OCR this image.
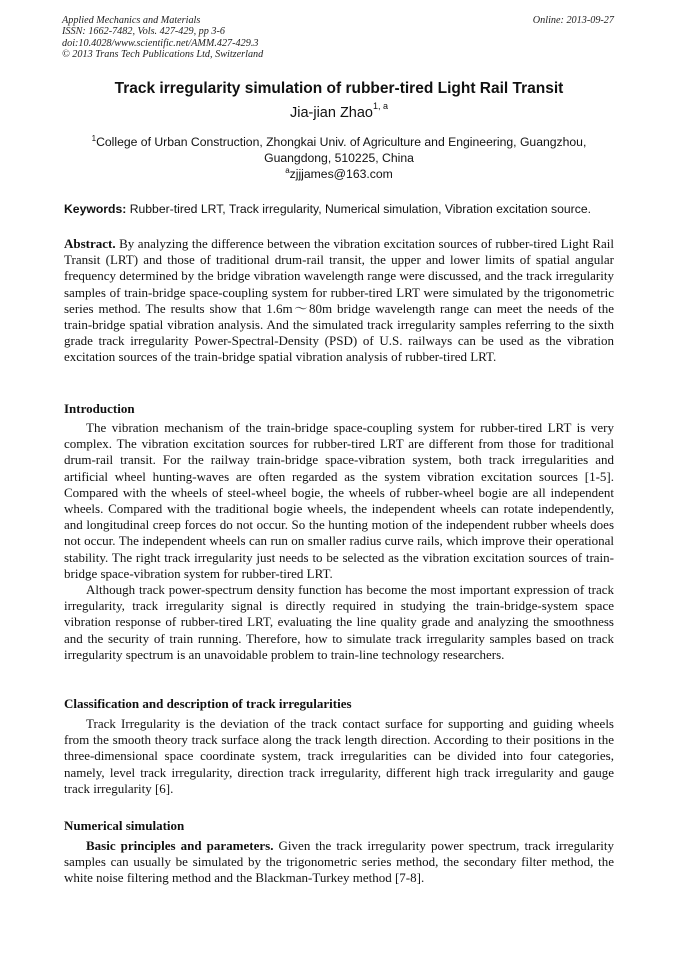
Applied Mechanics and Materials
ISSN: 1662-7482, Vols. 427-429, pp 3-6
doi:10.4028/www.scientific.net/AMM.427-429.3
© 2013 Trans Tech Publications Ltd, Switzerland
Online: 2013-09-27
Track irregularity simulation of rubber-tired Light Rail Transit
Jia-jian Zhao$^{1, a}$
$^1$College of Urban Construction, Zhongkai Univ. of Agriculture and Engineering, Guangzhou, Guangdong, 510225, China
$^a$zjjjames@163.com
Keywords: Rubber-tired LRT, Track irregularity, Numerical simulation, Vibration excitation source.

Abstract. By analyzing the difference between the vibration excitation sources of rubber-tired Light Rail Transit (LRT) and those of traditional drum-rail transit, the upper and lower limits of spatial angular frequency determined by the bridge vibration wavelength range were discussed, and the track irregularity samples of train-bridge space-coupling system for rubber-tired LRT were simulated by the trigonometric series method. The results show that 1.6m～80m bridge wavelength range can meet the needs of the train-bridge spatial vibration analysis. And the simulated track irregularity samples referring to the sixth grade track irregularity Power-Spectral-Density (PSD) of U.S. railways can be used as the vibration excitation sources of the train-bridge spatial vibration analysis of rubber-tired LRT.

Introduction

The vibration mechanism of the train-bridge space-coupling system for rubber-tired LRT is very complex. The vibration excitation sources for rubber-tired LRT are different from those for traditional drum-rail transit. For the railway train-bridge space-vibration system, both track irregularities and artificial wheel hunting-waves are often regarded as the system vibration excitation sources [1-5]. Compared with the wheels of steel-wheel bogie, the wheels of rubber-wheel bogie are all independent wheels. Compared with the traditional bogie wheels, the independent wheels can rotate independently, and longitudinal creep forces do not occur. So the hunting motion of the independent rubber wheels does not occur. The independent wheels can run on smaller radius curve rails, which improve their operational stability. The right track irregularity just needs to be selected as the vibration excitation sources of train-bridge space-vibration system for rubber-tired LRT.

Although track power-spectrum density function has become the most important expression of track irregularity, track irregularity signal is directly required in studying the train-bridge-system space vibration response of rubber-tired LRT, evaluating the line quality grade and analyzing the smoothness and the security of train running. Therefore, how to simulate track irregularity samples based on track irregularity spectrum is an unavoidable problem to train-line technology researchers.

Classification and description of track irregularities

Track Irregularity is the deviation of the track contact surface for supporting and guiding wheels from the smooth theory track surface along the track length direction. According to their positions in the three-dimensional space coordinate system, track irregularities can be divided into four categories, namely, level track irregularity, direction track irregularity, different high track irregularity and gauge track irregularity [6].

Numerical simulation

Basic principles and parameters. Given the track irregularity power spectrum, track irregularity samples can usually be simulated by the trigonometric series method, the secondary filter method, the white noise filtering method and the Blackman-Turkey method [7-8].
